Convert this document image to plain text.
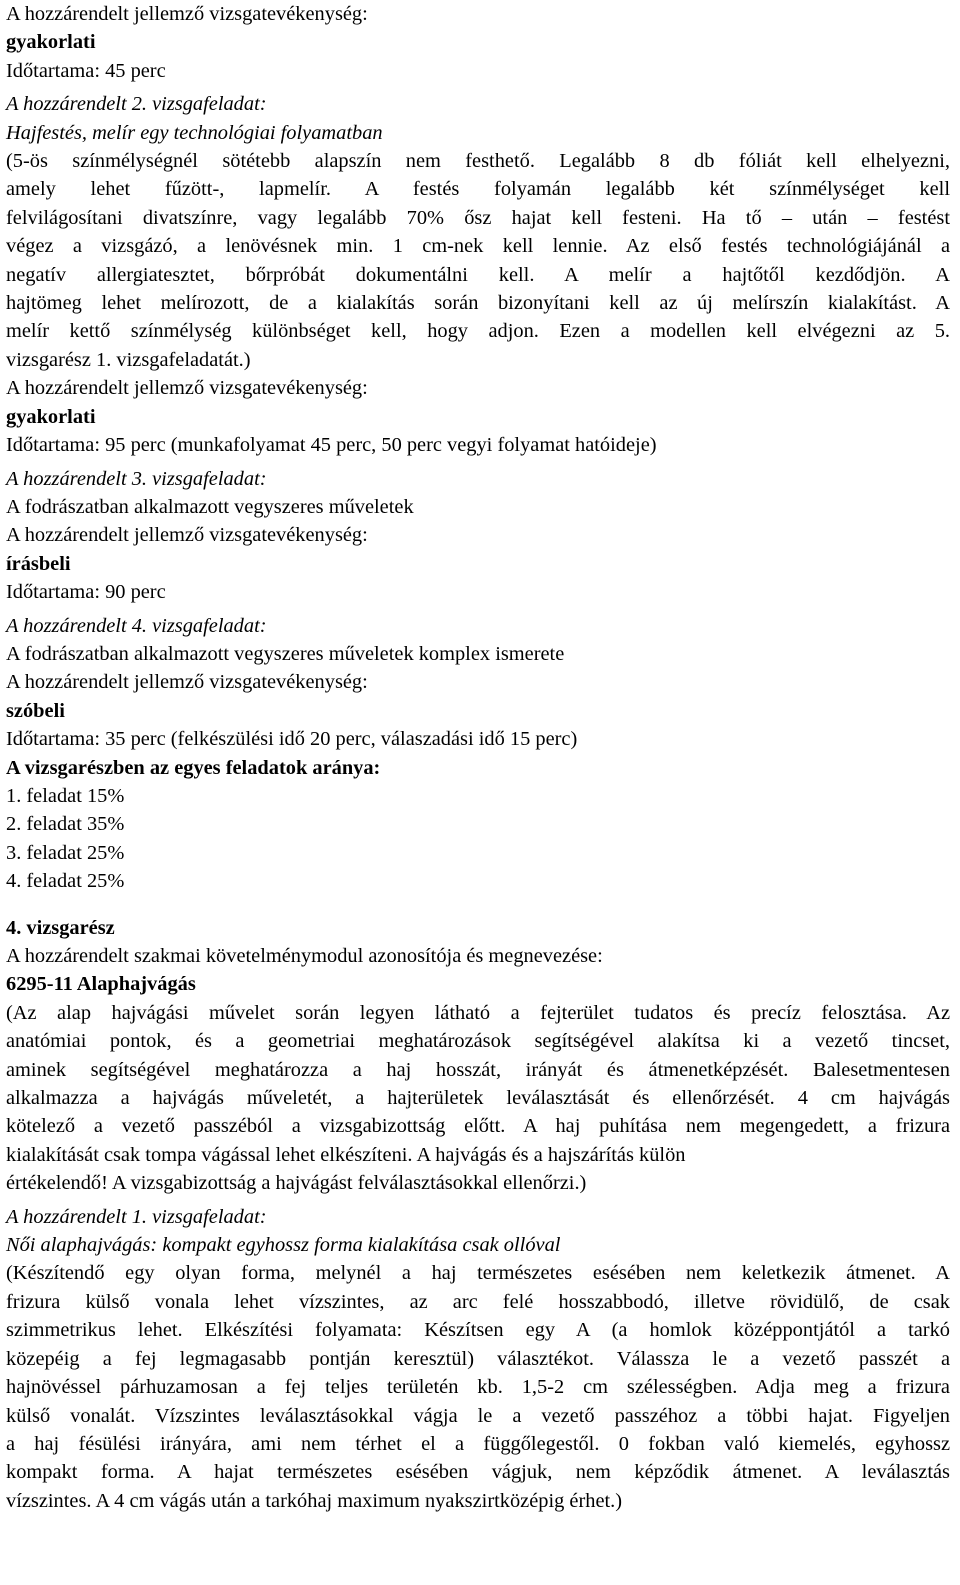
A hozzárendelt jellemző vizsgatevékenység:
gyakorlati
Időtartama: 45 perc
A hozzárendelt 2. vizsgafeladat:
Hajfestés, melír egy technológiai folyamatban
(5-ös színmélységnél sötétebb alapszín nem festhető. Legalább 8 db fóliát kell elhelyezni,
amely lehet fűzött-, lapmelír. A festés folyamán legalább két színmélységet kell
felvilágosítani divatszínre, vagy legalább 70% ősz hajat kell festeni. Ha tő – után – festést
végez a vizsgázó, a lenövésnek min. 1 cm-nek kell lennie. Az első festés technológiájánál a
negatív allergiatesztet, bőrpróbát dokumentálni kell. A melír a hajtőtől kezdődjön. A
hajtömeg lehet melírozott, de a kialakítás során bizonyítani kell az új melírszín kialakítást. A
melír kettő színmélység különbséget kell, hogy adjon. Ezen a modellen kell elvégezni az 5.
vizsgarész 1. vizsgafeladatát.)
A hozzárendelt jellemző vizsgatevékenység:
gyakorlati
Időtartama: 95 perc (munkafolyamat 45 perc, 50 perc vegyi folyamat hatóideje)
A hozzárendelt 3. vizsgafeladat:
A fodrászatban alkalmazott vegyszeres műveletek
A hozzárendelt jellemző vizsgatevékenység:
írásbeli
Időtartama: 90 perc
A hozzárendelt 4. vizsgafeladat:
A fodrászatban alkalmazott vegyszeres műveletek komplex ismerete
A hozzárendelt jellemző vizsgatevékenység:
szóbeli
Időtartama: 35 perc (felkészülési idő 20 perc, válaszadási idő 15 perc)
A vizsgarészben az egyes feladatok aránya:
1. feladat 15%
2. feladat 35%
3. feladat 25%
4. feladat 25%
4. vizsgarész
A hozzárendelt szakmai követelménymodul azonosítója és megnevezése:
6295-11 Alaphajvágás
(Az alap hajvágási művelet során legyen látható a fejterület tudatos és precíz felosztása. Az
anatómiai pontok, és a geometriai meghatározások segítségével alakítsa ki a vezető tincset,
aminek segítségével meghatározza a haj hosszát, irányát és átmenetképzését. Balesetmentesen
alkalmazza a hajvágás műveletét, a hajterületek leválasztását és ellenőrzését. 4 cm hajvágás
kötelező a vezető passzéból a vizsgabizottság előtt. A haj puhítása nem megengedett, a frizura
kialakítását csak tompa vágással lehet elkészíteni. A hajvágás és a hajszárítás külön
értékelendő! A vizsgabizottság a hajvágást felválasztásokkal ellenőrzi.)
A hozzárendelt 1. vizsgafeladat:
Női alaphajvágás: kompakt egyhossz forma kialakítása csak ollóval
(Készítendő egy olyan forma, melynél a haj természetes esésében nem keletkezik átmenet. A
frizura külső vonala lehet vízszintes, az arc felé hosszabbodó, illetve rövidülő, de csak
szimmetrikus lehet. Elkészítési folyamata: Készítsen egy A (a homlok középpontjától a tarkó
közepéig a fej legmagasabb pontján keresztül) választékot. Válassza le a vezető passzét a
hajnövéssel párhuzamosan a fej teljes területén kb. 1,5-2 cm szélességben. Adja meg a frizura
külső vonalát. Vízszintes leválasztásokkal vágja le a vezető passzéhoz a többi hajat. Figyeljen
a haj fésülési irányára, ami nem térhet el a függőlegestől. 0 fokban való kiemelés, egyhossz
kompakt forma. A hajat természetes esésében vágjuk, nem képződik átmenet. A leválasztás
vízszintes. A 4 cm vágás után a tarkóhaj maximum nyakszirtközépig érhet.)
